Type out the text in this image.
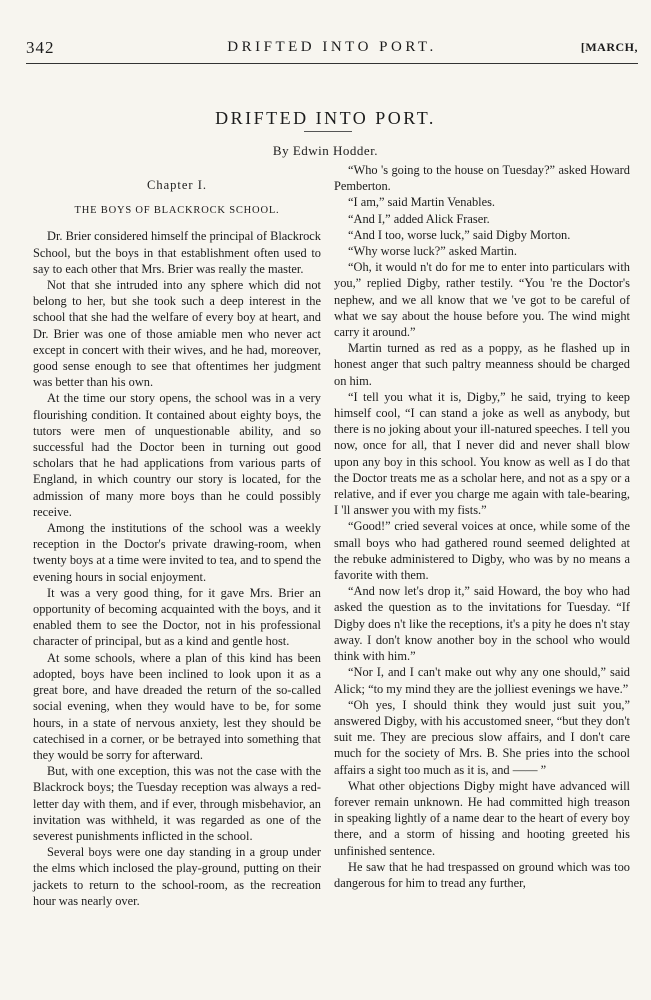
342	DRIFTED INTO PORT.	[MARCH,
DRIFTED INTO PORT.
By Edwin Hodder.
Chapter I.
THE BOYS OF BLACKROCK SCHOOL.

Dr. Brier considered himself the principal of Blackrock School, but the boys in that establishment often used to say to each other that Mrs. Brier was really the master.

Not that she intruded into any sphere which did not belong to her, but she took such a deep interest in the school that she had the welfare of every boy at heart, and Dr. Brier was one of those amiable men who never act except in concert with their wives, and he had, moreover, good sense enough to see that oftentimes her judgment was better than his own.

At the time our story opens, the school was in a very flourishing condition. It contained about eighty boys, the tutors were men of unquestionable ability, and so successful had the Doctor been in turning out good scholars that he had applications from various parts of England, in which country our story is located, for the admission of many more boys than he could possibly receive.

Among the institutions of the school was a weekly reception in the Doctor's private drawing-room, when twenty boys at a time were invited to tea, and to spend the evening hours in social enjoyment.

It was a very good thing, for it gave Mrs. Brier an opportunity of becoming acquainted with the boys, and it enabled them to see the Doctor, not in his professional character of principal, but as a kind and gentle host.

At some schools, where a plan of this kind has been adopted, boys have been inclined to look upon it as a great bore, and have dreaded the return of the so-called social evening, when they would have to be, for some hours, in a state of nervous anxiety, lest they should be catechised in a corner, or be betrayed into something that they would be sorry for afterward.

But, with one exception, this was not the case with the Blackrock boys; the Tuesday reception was always a red-letter day with them, and if ever, through misbehavior, an invitation was withheld, it was regarded as one of the severest punishments inflicted in the school.

Several boys were one day standing in a group under the elms which inclosed the play-ground, putting on their jackets to return to the school-room, as the recreation hour was nearly over.

“Who 's going to the house on Tuesday?” asked Howard Pemberton.

“I am,” said Martin Venables.

“And I,” added Alick Fraser.

“And I too, worse luck,” said Digby Morton.

“Why worse luck?” asked Martin.

“Oh, it would n't do for me to enter into particulars with you,” replied Digby, rather testily. “You 're the Doctor's nephew, and we all know that we 've got to be careful of what we say about the house before you. The wind might carry it around.”

Martin turned as red as a poppy, as he flashed up in honest anger that such paltry meanness should be charged on him.

“I tell you what it is, Digby,” he said, trying to keep himself cool, “I can stand a joke as well as anybody, but there is no joking about your ill-natured speeches. I tell you now, once for all, that I never did and never shall blow upon any boy in this school. You know as well as I do that the Doctor treats me as a scholar here, and not as a spy or a relative, and if ever you charge me again with tale-bearing, I 'll answer you with my fists.”

“Good!” cried several voices at once, while some of the small boys who had gathered round seemed delighted at the rebuke administered to Digby, who was by no means a favorite with them.

“And now let's drop it,” said Howard, the boy who had asked the question as to the invitations for Tuesday. “If Digby does n't like the receptions, it's a pity he does n't stay away. I don't know another boy in the school who would think with him.”

“Nor I, and I can't make out why any one should,” said Alick; “to my mind they are the jolliest evenings we have.”

“Oh yes, I should think they would just suit you,” answered Digby, with his accustomed sneer, “but they don't suit me. They are precious slow affairs, and I don't care much for the society of Mrs. B. She pries into the school affairs a sight too much as it is, and —— ”

What other objections Digby might have advanced will forever remain unknown. He had committed high treason in speaking lightly of a name dear to the heart of every boy there, and a storm of hissing and hooting greeted his unfinished sentence.

He saw that he had trespassed on ground which was too dangerous for him to tread any further,
